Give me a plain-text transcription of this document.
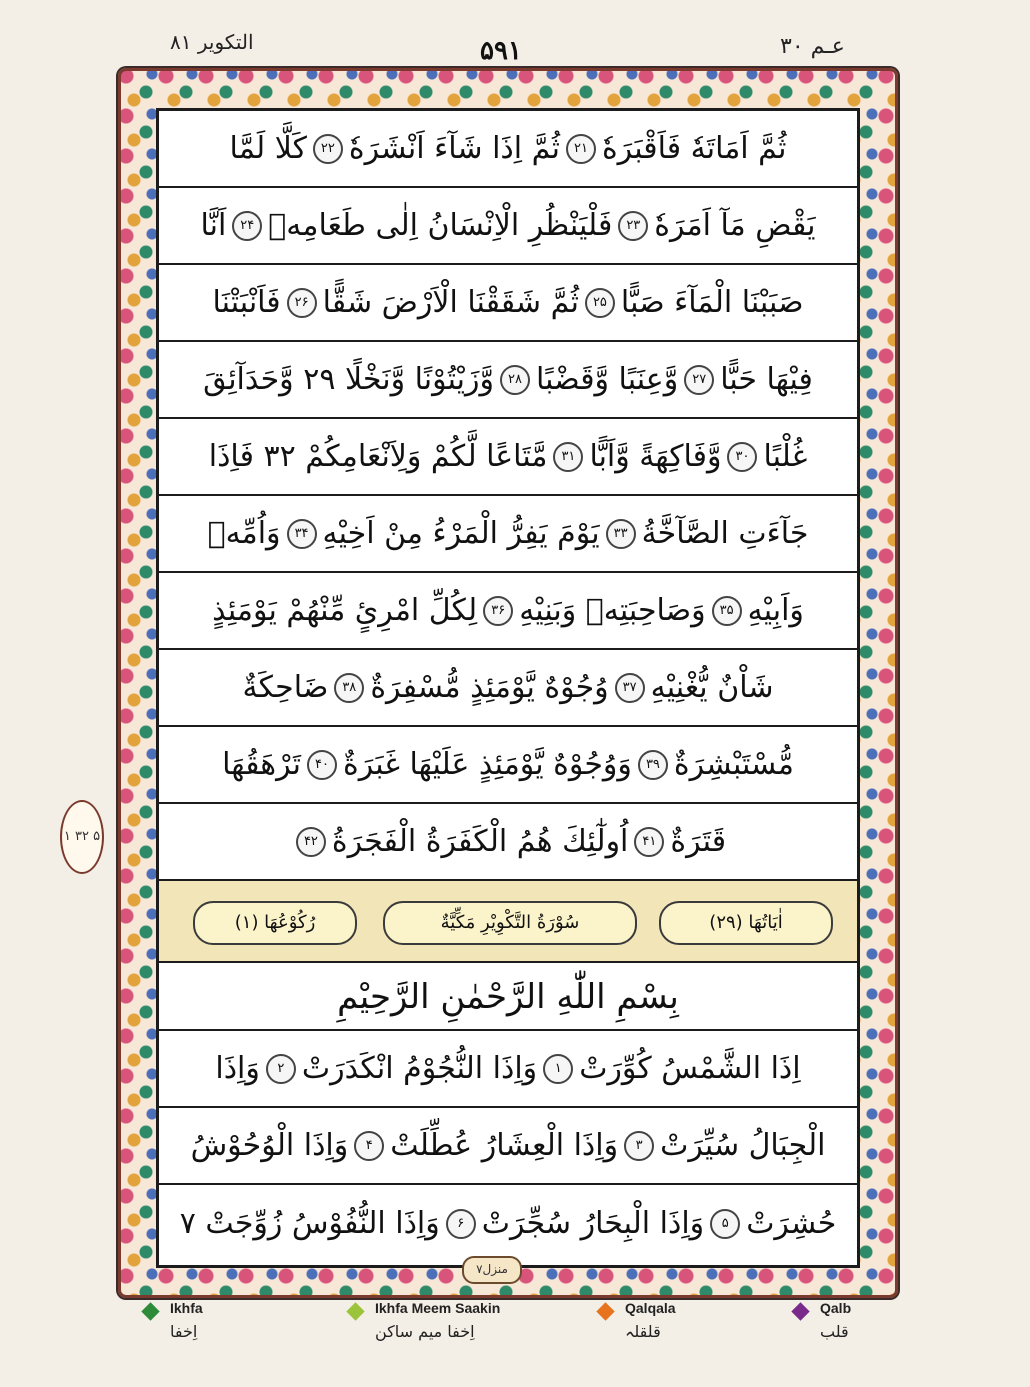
التکویر ۸۱	۵۹۱	عـم ۳۰
۱ ۳۲ ۵
ثُمَّ اَمَاتَهٗ فَاَقْبَرَهٗ
۲۱
ثُمَّ اِذَا شَآءَ اَنْشَرَهٗ
۲۲
كَلَّا لَمَّا
يَقْضِ مَآ اَمَرَهٗ
۲۳
فَلْيَنْظُرِ الْاِنْسَانُ اِلٰى طَعَامِهٖ
۲۴
اَنَّا
صَبَبْنَا الْمَآءَ صَبًّا
۲۵
ثُمَّ شَقَقْنَا الْاَرْضَ شَقًّا
۲۶
فَاَنْبَتْنَا
فِيْهَا حَبًّا
۲۷
وَّعِنَبًا وَّقَضْبًا
۲۸
وَّزَيْتُوْنًا وَّنَخْلًا ۲۹ وَّحَدَآئِقَ
غُلْبًا
۳۰
وَّفَاكِهَةً وَّاَبًّا
۳۱
مَّتَاعًا لَّكُمْ وَلِاَنْعَامِكُمْ ۳۲ فَاِذَا
جَآءَتِ الصَّآخَّةُ
۳۳
يَوْمَ يَفِرُّ الْمَرْءُ مِنْ اَخِيْهِ
۳۴
وَاُمِّهٖ
وَاَبِيْهِ
۳۵
وَصَاحِبَتِهٖ وَبَنِيْهِ
۳۶
لِكُلِّ امْرِئٍ مِّنْهُمْ يَوْمَئِذٍ
شَاْنٌ يُّغْنِيْهِ
۳۷
وُجُوْهٌ يَّوْمَئِذٍ مُّسْفِرَةٌ
۳۸
ضَاحِكَةٌ
مُّسْتَبْشِرَةٌ
۳۹
وَوُجُوْهٌ يَّوْمَئِذٍ عَلَيْهَا غَبَرَةٌ
۴۰
تَرْهَقُهَا
قَتَرَةٌ
۴۱
اُولٰٓئِكَ هُمُ الْكَفَرَةُ الْفَجَرَةُ
۴۲
رُكُوْعُهَا (۱)	سُوْرَةُ التَّكْوِيْرِ مَكِّيَّةٌ	اٰيَاتُهَا (۲۹)
بِسْمِ اللّٰهِ الرَّحْمٰنِ الرَّحِيْمِ
اِذَا الشَّمْسُ كُوِّرَتْ
۱
وَاِذَا النُّجُوْمُ انْكَدَرَتْ
۲
وَاِذَا
الْجِبَالُ سُيِّرَتْ
۳
وَاِذَا الْعِشَارُ عُطِّلَتْ
۴
وَاِذَا الْوُحُوْشُ
حُشِرَتْ
۵
وَاِذَا الْبِحَارُ سُجِّرَتْ
۶
وَاِذَا النُّفُوْسُ زُوِّجَتْ ۷
منزل۷
Ikhfa
اِخفا
Ikhfa Meem Saakin
اِخفا میم ساکن
Qalqala
قلقلہ
Qalb
قلب
